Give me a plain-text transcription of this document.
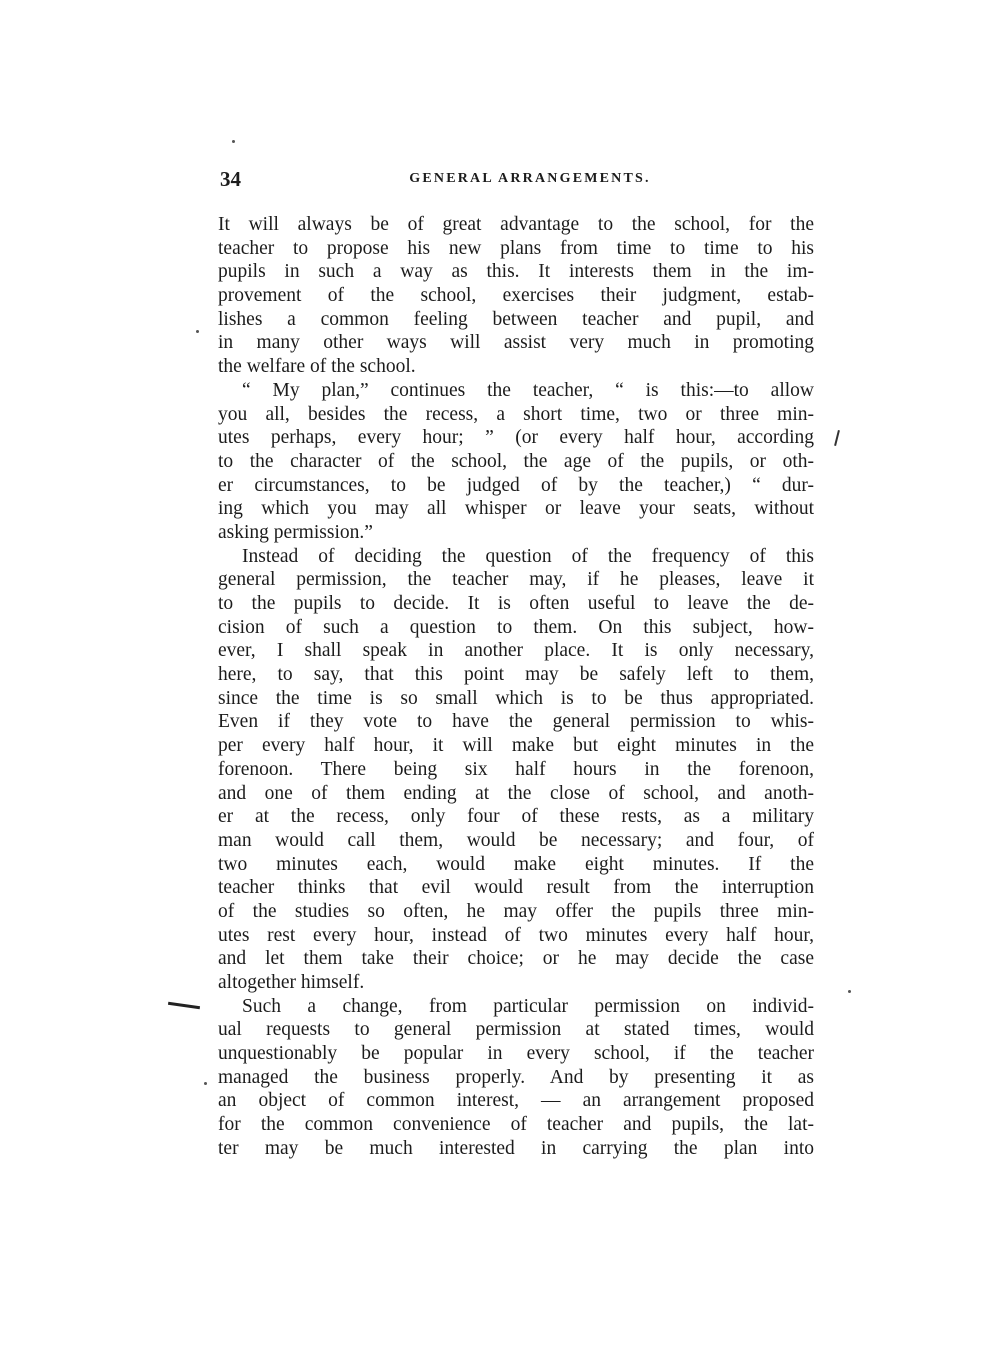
34	GENERAL ARRANGEMENTS.
It will always be of great advantage to the school, for the
teacher to propose his new plans from time to time to his
pupils in such a way as this. It interests them in the im-
provement of the school, exercises their judgment, estab-
lishes a common feeling between teacher and pupil, and
in many other ways will assist very much in promoting
the welfare of the school.
“ My plan,” continues the teacher, “ is this:—to allow
you all, besides the recess, a short time, two or three min-
utes perhaps, every hour; ” (or every half hour, according
to the character of the school, the age of the pupils, or oth-
er circumstances, to be judged of by the teacher,) “ dur-
ing which you may all whisper or leave your seats, without
asking permission.”
Instead of deciding the question of the frequency of this
general permission, the teacher may, if he pleases, leave it
to the pupils to decide. It is often useful to leave the de-
cision of such a question to them. On this subject, how-
ever, I shall speak in another place. It is only necessary,
here, to say, that this point may be safely left to them,
since the time is so small which is to be thus appropriated.
Even if they vote to have the general permission to whis-
per every half hour, it will make but eight minutes in the
forenoon. There being six half hours in the forenoon,
and one of them ending at the close of school, and anoth-
er at the recess, only four of these rests, as a military
man would call them, would be necessary; and four, of
two minutes each, would make eight minutes. If the
teacher thinks that evil would result from the interruption
of the studies so often, he may offer the pupils three min-
utes rest every hour, instead of two minutes every half hour,
and let them take their choice; or he may decide the case
altogether himself.
Such a change, from particular permission on individ-
ual requests to general permission at stated times, would
unquestionably be popular in every school, if the teacher
managed the business properly. And by presenting it as
an object of common interest, — an arrangement proposed
for the common convenience of teacher and pupils, the lat-
ter may be much interested in carrying the plan into
